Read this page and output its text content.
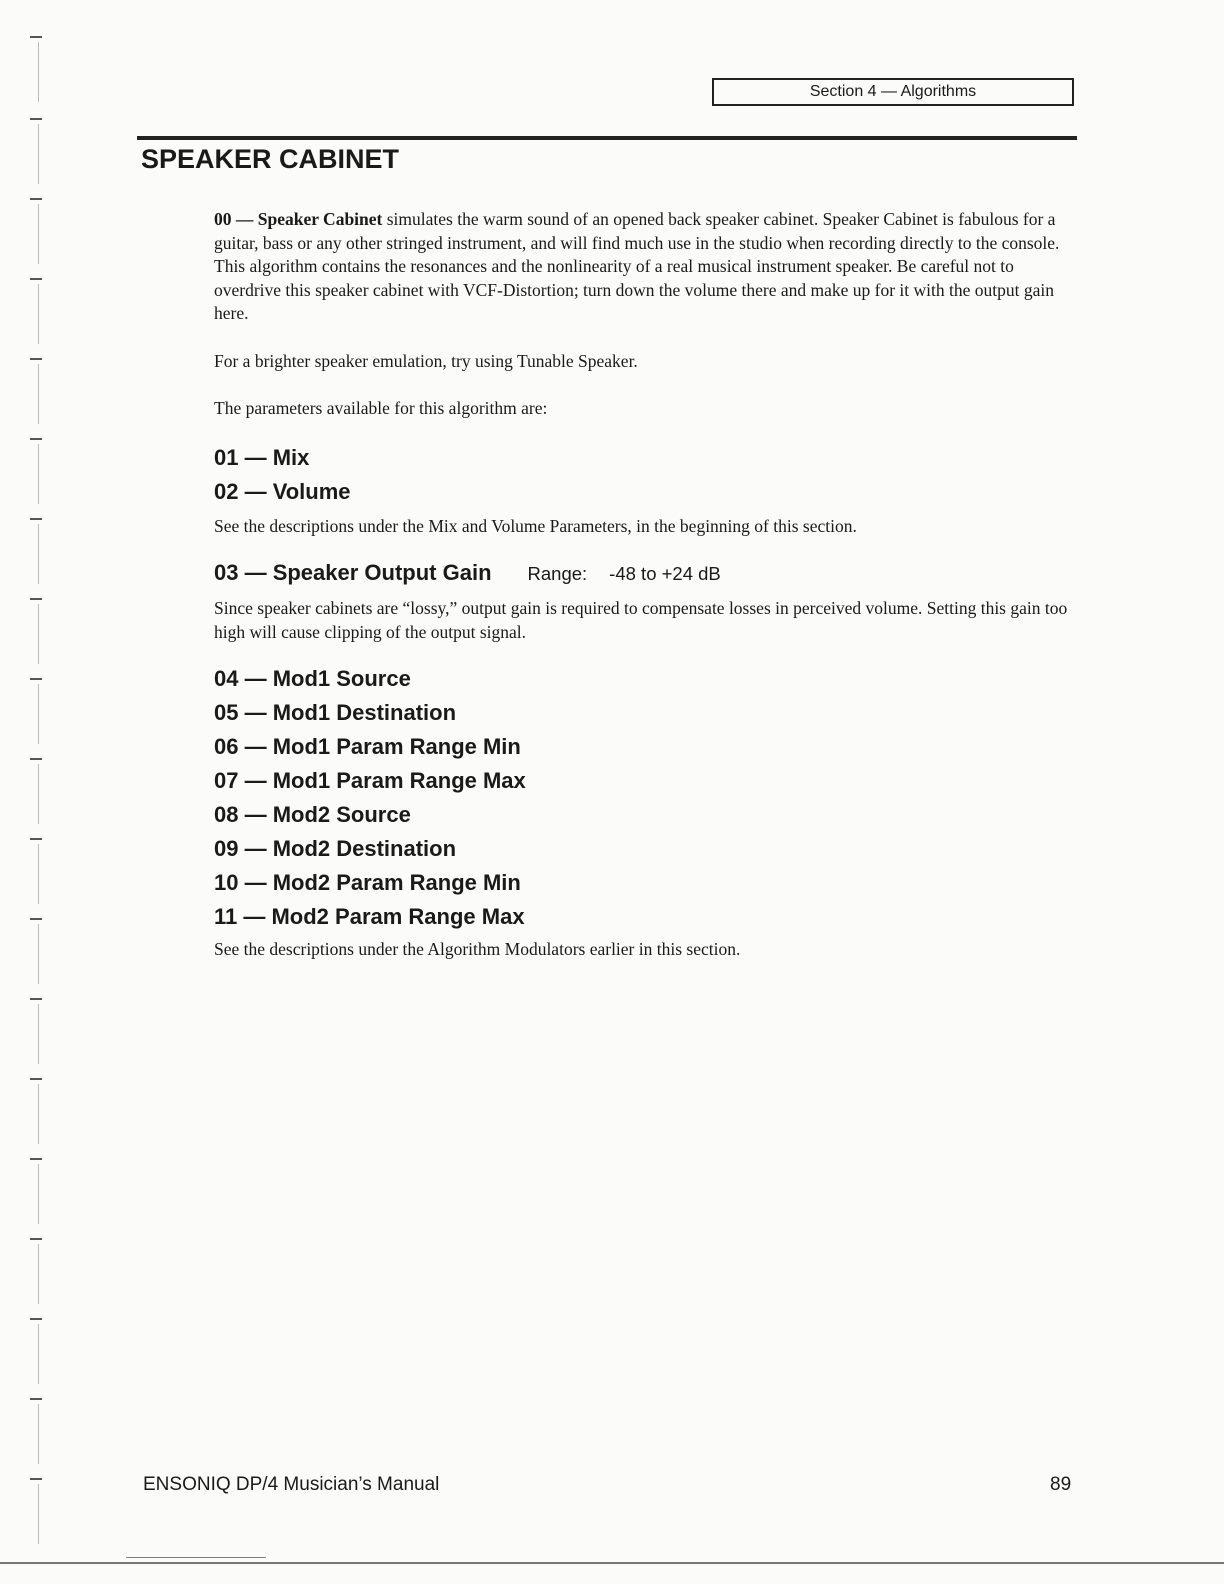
Section 4 — Algorithms
SPEAKER CABINET

00 — Speaker Cabinet simulates the warm sound of an opened back speaker cabinet. Speaker Cabinet is fabulous for a guitar, bass or any other stringed instrument, and will find much use in the studio when recording directly to the console. This algorithm contains the resonances and the nonlinearity of a real musical instrument speaker. Be careful not to overdrive this speaker cabinet with VCF-Distortion; turn down the volume there and make up for it with the output gain here.

For a brighter speaker emulation, try using Tunable Speaker.

The parameters available for this algorithm are:

01 — Mix

02 — Volume

See the descriptions under the Mix and Volume Parameters, in the beginning of this section.

03 — Speaker Output Gain Range: -48 to +24 dB

Since speaker cabinets are “lossy,” output gain is required to compensate losses in perceived volume. Setting this gain too high will cause clipping of the output signal.

04 — Mod1 Source

05 — Mod1 Destination

06 — Mod1 Param Range Min

07 — Mod1 Param Range Max

08 — Mod2 Source

09 — Mod2 Destination

10 — Mod2 Param Range Min

11 — Mod2 Param Range Max

See the descriptions under the Algorithm Modulators earlier in this section.

ENSONIQ DP/4 Musician’s Manual	89
